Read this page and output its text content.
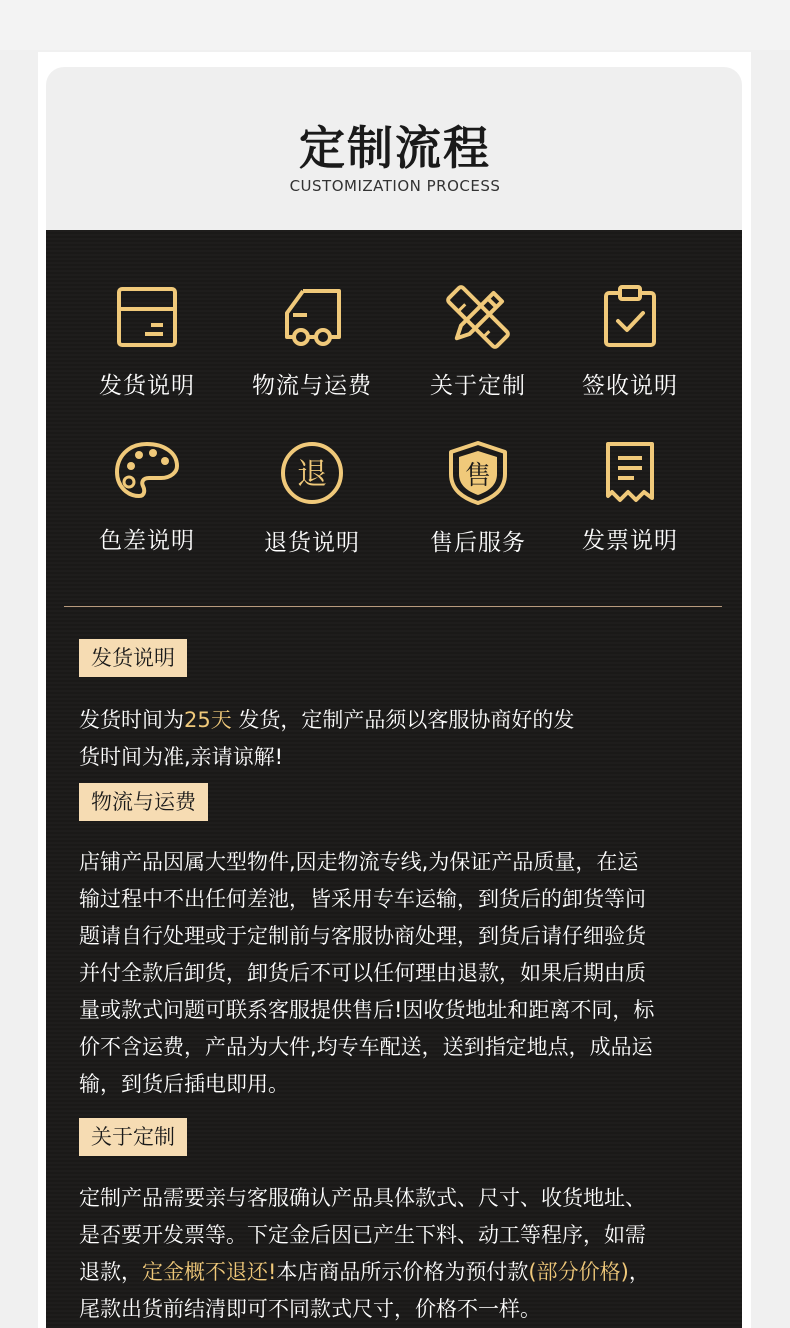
定制流程
CUSTOMIZATION PROCESS
发货说明	物流与运费	关于定制	签收说明
色差说明
退
退货说明
售
售后服务	发票说明
发货说明

发货时间为25天 发货，定制产品须以客服协商好的发

货时间为准,亲请谅解!

物流与运费

店铺产品因属大型物件,因走物流专线,为保证产品质量，在运

输过程中不出任何差池，皆采用专车运输，到货后的卸货等问

题请自行处理或于定制前与客服协商处理，到货后请仔细验货

并付全款后卸货，卸货后不可以任何理由退款，如果后期由质

量或款式问题可联系客服提供售后!因收货地址和距离不同，标

价不含运费，产品为大件,均专车配送，送到指定地点，成品运

输，到货后插电即用。

关于定制

定制产品需要亲与客服确认产品具体款式、尺寸、收货地址、

是否要开发票等。下定金后因已产生下料、动工等程序，如需

退款，定金概不退还!本店商品所示价格为预付款(部分价格)，

尾款出货前结清即可不同款式尺寸，价格不一样。
